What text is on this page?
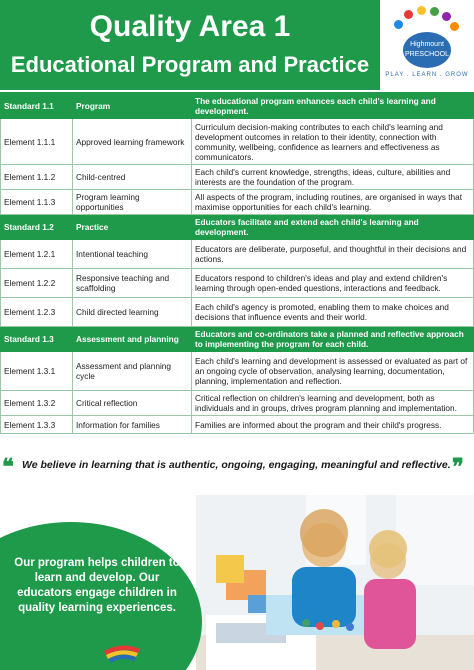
Quality Area 1
Educational Program and Practice
Highmount
PRESCHOOL
PLAY . LEARN . GROW
Standard 1.1	Program	The educational program enhances each child's learning and development.
Element 1.1.1	Approved learning framework	Curriculum decision-making contributes to each child's learning and development outcomes in relation to their identity, connection with community, wellbeing, confidence as learners and effectiveness as communicators.
Element 1.1.2	Child-centred	Each child's current knowledge, strengths, ideas, culture, abilities and interests are the foundation of the program.
Element 1.1.3	Program learning opportunities	All aspects of the program, including routines, are organised in ways that maximise opportunities for each child's learning.
Standard 1.2	Practice	Educators facilitate and extend each child's learning and development.
Element 1.2.1	Intentional teaching	Educators are deliberate, purposeful, and thoughtful in their decisions and actions.
Element 1.2.2	Responsive teaching and scaffolding	Educators respond to children's ideas and play and extend children's learning through open-ended questions, interactions and feedback.
Element 1.2.3	Child directed learning	Each child's agency is promoted, enabling them to make choices and decisions that influence events and their world.
Standard 1.3	Assessment and planning	Educators and co-ordinators take a planned and reflective approach to implementing the program for each child.
Element 1.3.1	Assessment and planning cycle	Each child's learning and development is assessed or evaluated as part of an ongoing cycle of observation, analysing learning, documentation, planning, implementation and reflection.
Element 1.3.2	Critical reflection	Critical reflection on children's learning and development, both as individuals and in groups, drives program planning and implementation.
Element 1.3.3	Information for families	Families are informed about the program and their child's progress.
❝ We believe in learning that is authentic, ongoing, engaging, meaningful and reflective. ❞
Our program helps children to learn and develop. Our educators engage children in quality learning experiences.
